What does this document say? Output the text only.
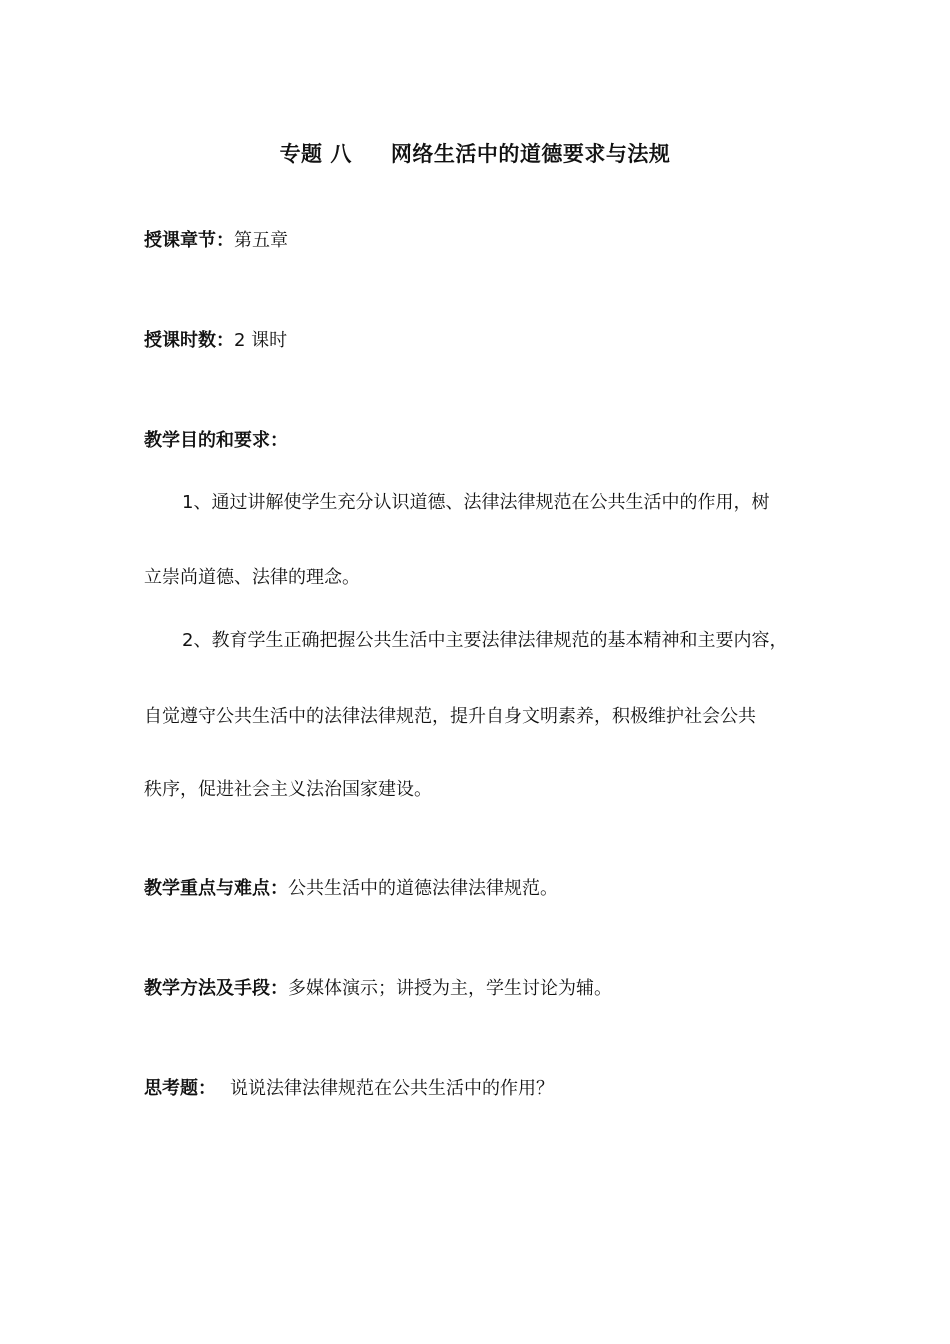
专题 八     网络生活中的道德要求与法规
授课章节：第五章
授课时数：2 课时
教学目的和要求：
1、通过讲解使学生充分认识道德、法律法律规范在公共生活中的作用，树
立崇尚道德、法律的理念。
2、教育学生正确把握公共生活中主要法律法律规范的基本精神和主要内容，
自觉遵守公共生活中的法律法律规范，提升自身文明素养，积极维护社会公共
秩序，促进社会主义法治国家建设。
教学重点与难点：公共生活中的道德法律法律规范。
教学方法及手段：多媒体演示；讲授为主，学生讨论为辅。
思考题： 说说法律法律规范在公共生活中的作用？
